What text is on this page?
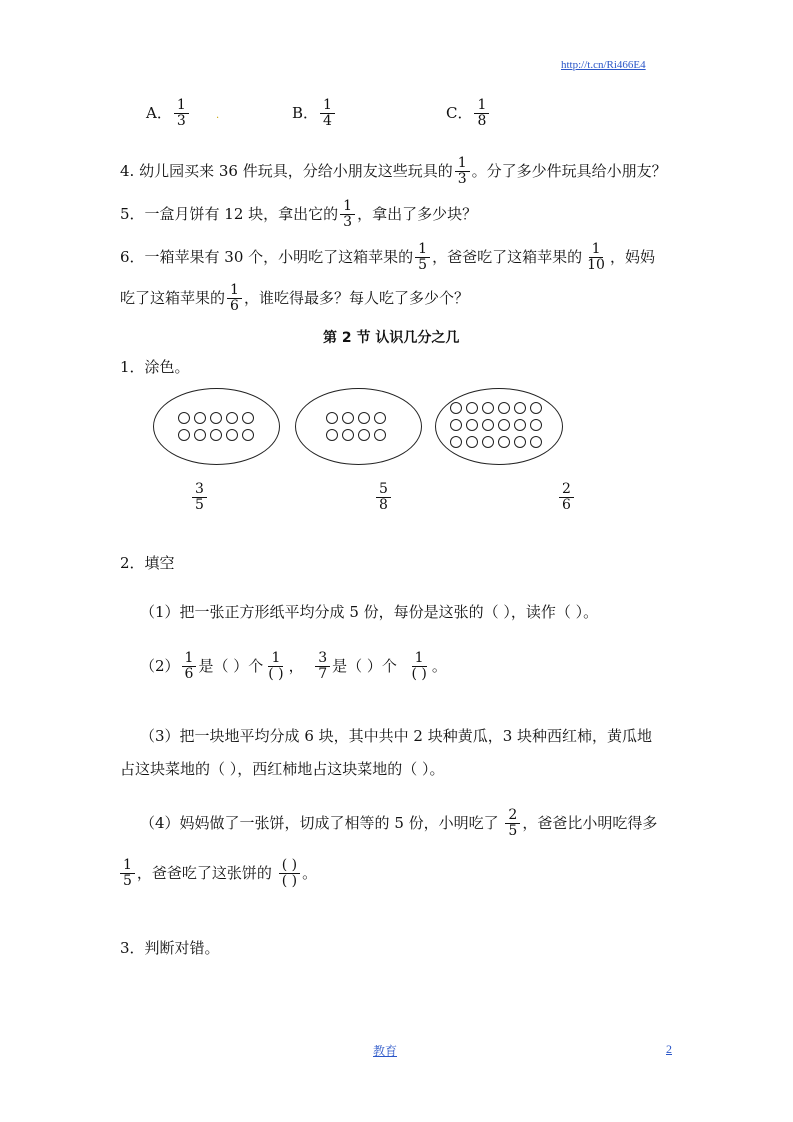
http://t.cn/Ri466E4
A． $\frac{1}{3}$	.	B． $\frac{1}{4}$	C． $\frac{1}{8}$
4. 幼儿园买来 36 件玩具，分给小朋友这些玩具的 $\frac{1}{3}$ 。分了多少件玩具给小朋友？
5．一盒月饼有 12 块，拿出它的 $\frac{1}{3}$ ，拿出了多少块？
6．一箱苹果有 30 个，小明吃了这箱苹果的 $\frac{1}{5}$ ，爸爸吃了这箱苹果的 $\frac{1}{10}$ ，妈妈
吃了这箱苹果的 $\frac{1}{6}$ ，谁吃得最多？每人吃了多少个？
第 2 节 认识几分之几
1．涂色。
$\frac{3}{5}$	$\frac{5}{8}$	$\frac{2}{6}$
2．填空
（1）把一张正方形纸平均分成 5 份，每份是这张的（ ），读作（ ）。
$(2) \frac{1}{6}$ 是（ ）个 $\frac{1}{( )}$ ， $\frac{3}{7}$ 是（ ）个 $\frac{1}{( )}$ 。
（3）把一块地平均分成 6 块，其中共中 2 块种黄瓜，3 块种西红柿，黄瓜地
占这块菜地的（ ），西红柿地占这块菜地的（ ）。
（4）妈妈做了一张饼，切成了相等的 5 份，小明吃了 $\frac{2}{5}$ ，爸爸比小明吃得多
$\frac{1}{5}$ ，爸爸吃了这张饼的 $\frac{( )}{( )}$ 。
3．判断对错。
教育	2
